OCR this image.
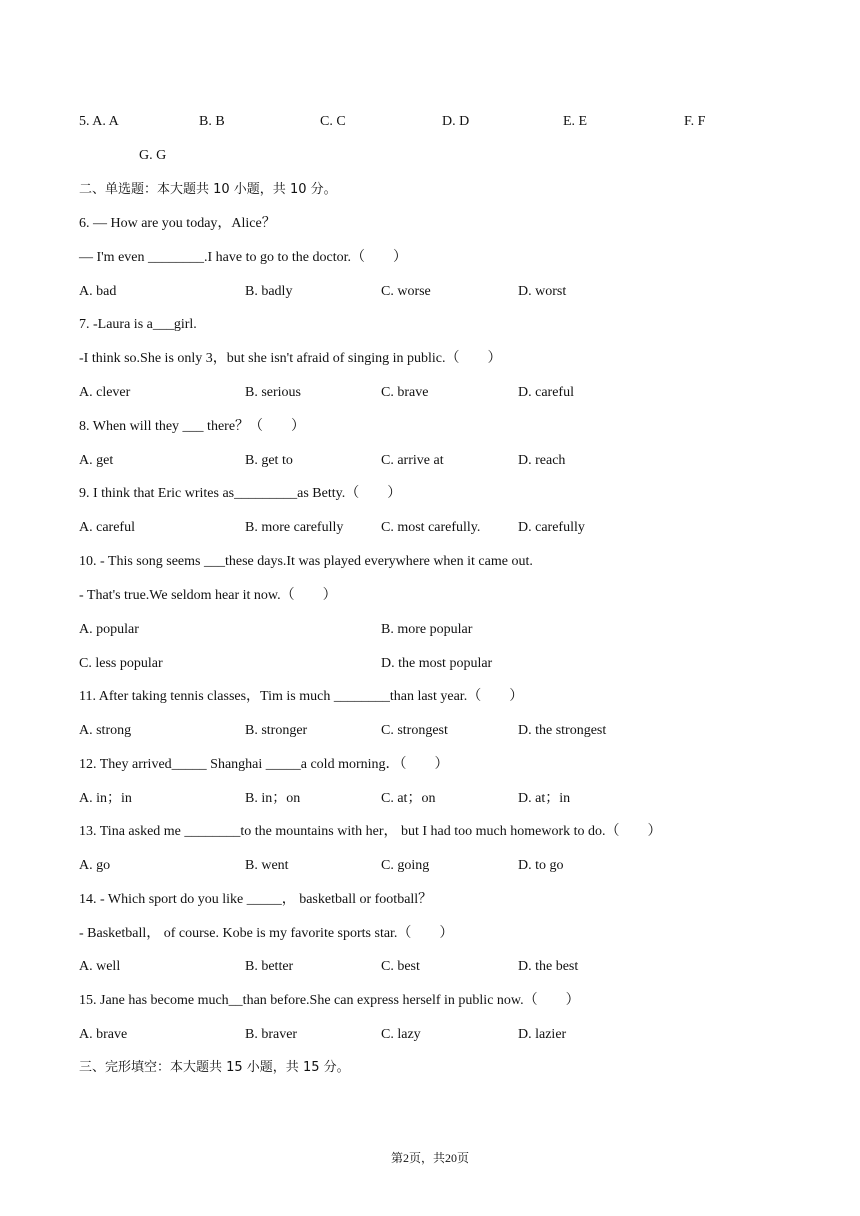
5. A. A	B. B	C. C	D. D	E. E	F. F
G. G
二、单选题：本大题共 10 小题，共 10 分。
6. — How are you today，Alice？
— I'm even ________.I have to go to the doctor.（        ）
A. bad	B. badly	C. worse	D. worst
7. -Laura is a___girl.
-I think so.She is only 3，but she isn't afraid of singing in public.（        ）
A. clever	B. serious	C. brave	D. careful
8. When will they ___ there？（        ）
A. get	B. get to	C. arrive at	D. reach
9. I think that Eric writes as_________as Betty.（        ）
A. careful	B. more carefully	C. most carefully.	D. carefully
10. - This song seems ___these days.It was played everywhere when it came out.
- That's true.We seldom hear it now.（        ）
A. popular	B. more popular
C. less popular	D. the most popular
11. After taking tennis classes，Tim is much ________than last year.（        ）
A. strong	B. stronger	C. strongest	D. the strongest
12. They arrived_____ Shanghai _____a cold morning．（        ）
A. in；in	B. in；on	C. at；on	D. at；in
13. Tina asked me ________to the mountains with her， but I had too much homework to do.（        ）
A. go	B. went	C. going	D. to go
14. - Which sport do you like _____， basketball or football？
- Basketball， of course. Kobe is my favorite sports star.（        ）
A. well	B. better	C. best	D. the best
15. Jane has become much__than before.She can express herself in public now.（        ）
A. brave	B. braver	C. lazy	D. lazier
三、完形填空：本大题共 15 小题，共 15 分。
第2页，共20页
